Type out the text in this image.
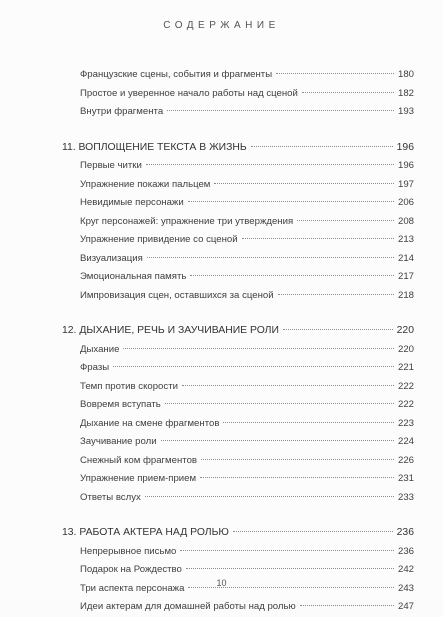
СОДЕРЖАНИЕ
Французские сцены, события и фрагменты	180
Простое и уверенное начало работы над сценой	182
Внутри фрагмента	193
11. ВОПЛОЩЕНИЕ ТЕКСТА В ЖИЗНЬ	196
Первые читки	196
Упражнение покажи пальцем	197
Невидимые персонажи	206
Круг персонажей: упражнение три утверждения	208
Упражнение привидение со сценой	213
Визуализация	214
Эмоциональная память	217
Импровизация сцен, оставшихся за сценой	218
12. ДЫХАНИЕ, РЕЧЬ И ЗАУЧИВАНИЕ РОЛИ	220
Дыхание	220
Фразы	221
Темп против скорости	222
Вовремя вступать	222
Дыхание на смене фрагментов	223
Заучивание роли	224
Снежный ком фрагментов	226
Упражнение прием-прием	231
Ответы вслух	233
13. РАБОТА АКТЕРА НАД РОЛЬЮ	236
Непрерывное письмо	236
Подарок на Рождество	242
Три аспекта персонажа	243
Идеи актерам для домашней работы над ролью	247
10
